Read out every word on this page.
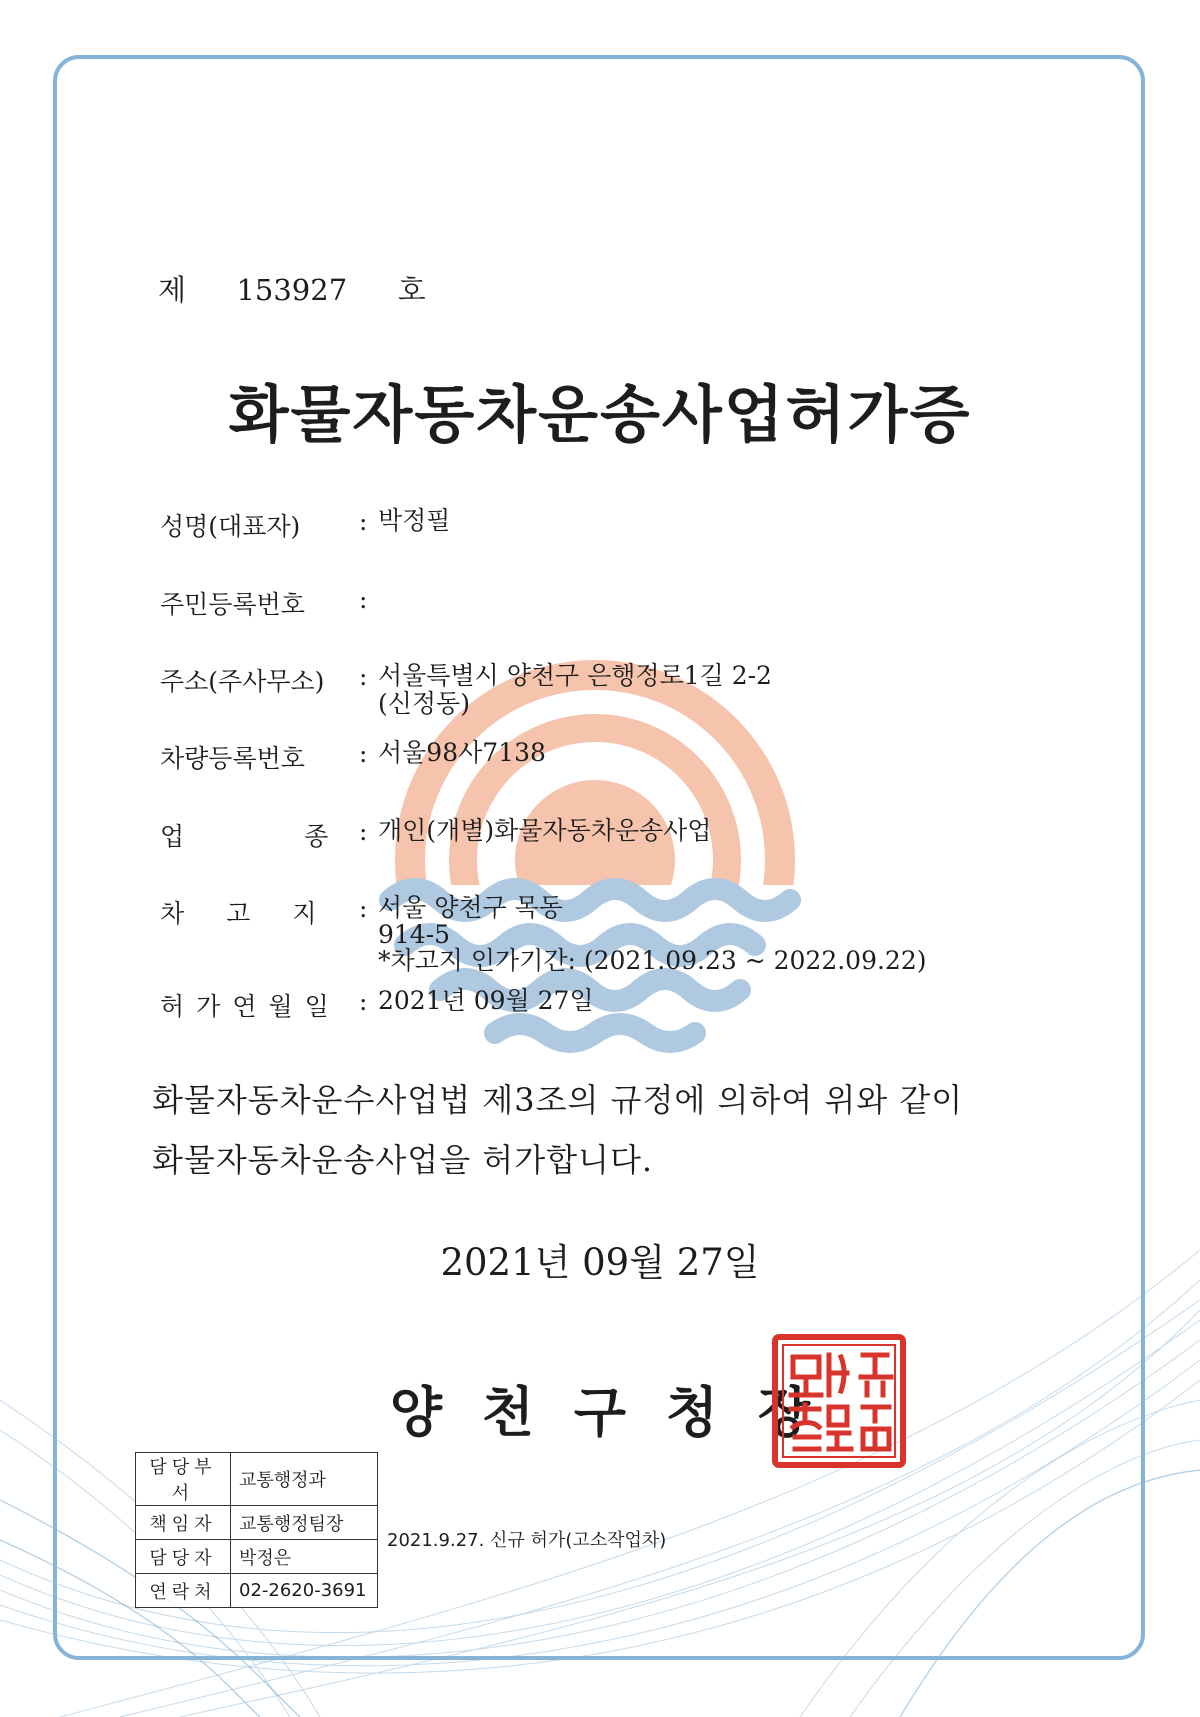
제 153927 호
화물자동차운송사업허가증
성명(대표자) : 박정필
주민등록번호 :
주소(주사무소) : 서울특별시 양천구 은행정로1길 2-2
(신정동)
차량등록번호 : 서울98사7138
업	종 : 개인(개별)화물자동차운송사업
차 고 지 : 서울 양천구 목동
914-5
*차고지 인가기간: (2021.09.23 ~ 2022.09.22)
허 가 연 월 일 : 2021년 09월 27일
화물자동차운수사업법 제3조의 규정에 의하여 위와 같이
화물자동차운송사업을 허가합니다.
2021년 09월 27일
양 천 구 청 장
담당부서	교통행정과
책임자	교통행정팀장
담당자	박정은
연락처	02-2620-3691
2021.9.27. 신규 허가(고소작업차)
